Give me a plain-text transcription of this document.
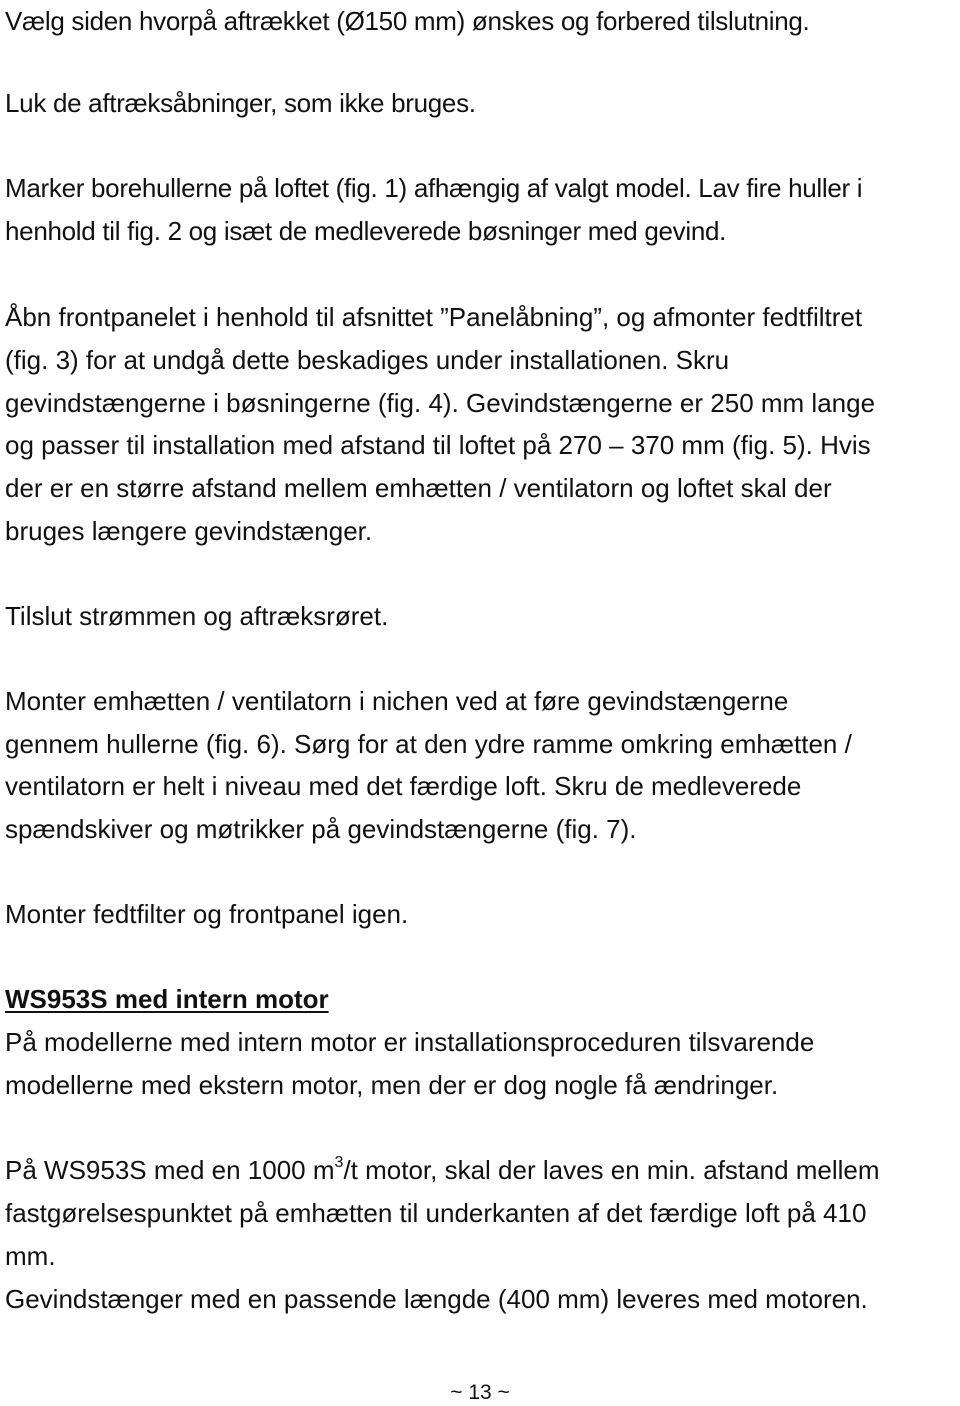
Vælg siden hvorpå aftrækket (Ø150 mm) ønskes og forbered tilslutning.
Luk de aftræksåbninger, som ikke bruges.
Marker borehullerne på loftet (fig. 1) afhængig af valgt model. Lav fire huller i
henhold til fig. 2 og isæt de medleverede bøsninger med gevind.
Åbn frontpanelet i henhold til afsnittet ”Panelåbning”, og afmonter fedtfiltret
(fig. 3) for at undgå dette beskadiges under installationen. Skru
gevindstængerne i bøsningerne (fig. 4). Gevindstængerne er 250 mm lange
og passer til installation med afstand til loftet på 270 – 370 mm (fig. 5). Hvis
der er en større afstand mellem emhætten / ventilatorn og loftet skal der
bruges længere gevindstænger.
Tilslut strømmen og aftræksrøret.
Monter emhætten / ventilatorn i nichen ved at føre gevindstængerne
gennem hullerne (fig. 6). Sørg for at den ydre ramme omkring emhætten /
ventilatorn er helt i niveau med det færdige loft. Skru de medleverede
spændskiver og møtrikker på gevindstængerne (fig. 7).
Monter fedtfilter og frontpanel igen.
WS953S med intern motor
På modellerne med intern motor er installationsproceduren tilsvarende
modellerne med ekstern motor, men der er dog nogle få ændringer.
På WS953S med en 1000 $m^3/t$ motor, skal der laves en min. afstand mellem
fastgørelsespunktet på emhætten til underkanten af det færdige loft på 410
mm.
Gevindstænger med en passende længde (400 mm) leveres med motoren.
~ 13 ~
